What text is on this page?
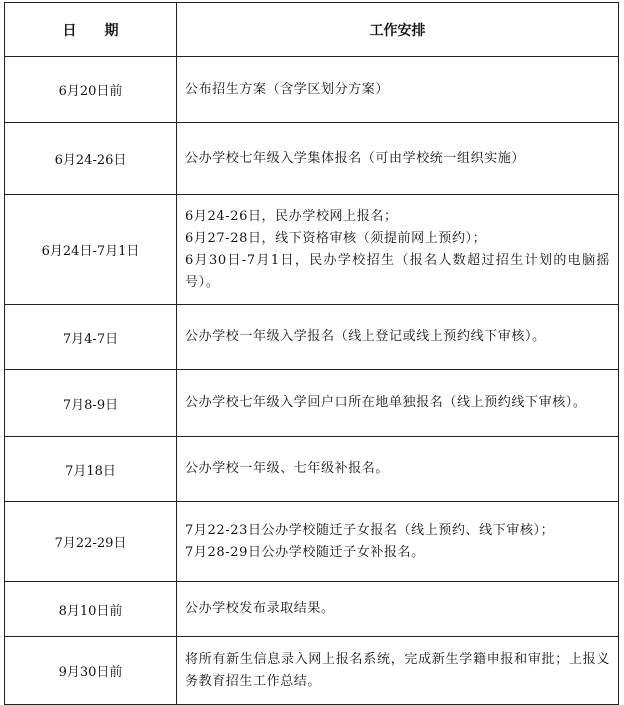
日　　期	工作安排
6月20日前	公布招生方案（含学区划分方案）

6月24-26日	公办学校七年级入学集体报名（可由学校统一组织实施）

6月24日-7月1日	6月24-26日，民办学校网上报名；
6月27-28日，线下资格审核（须提前网上预约）；
6月30日-7月1日，民办学校招生（报名人数超过招生计划的电脑摇号）。

7月4-7日	公办学校一年级入学报名（线上登记或线上预约线下审核）。

7月8-9日	公办学校七年级入学回户口所在地单独报名（线上预约线下审核）。

7月18日	公办学校一年级、七年级补报名。

7月22-29日	7月22-23日公办学校随迁子女报名（线上预约、线下审核）；
7月28-29日公办学校随迁子女补报名。

8月10日前	公办学校发布录取结果。

9月30日前	将所有新生信息录入网上报名系统，完成新生学籍申报和审批；上报义务教育招生工作总结。
